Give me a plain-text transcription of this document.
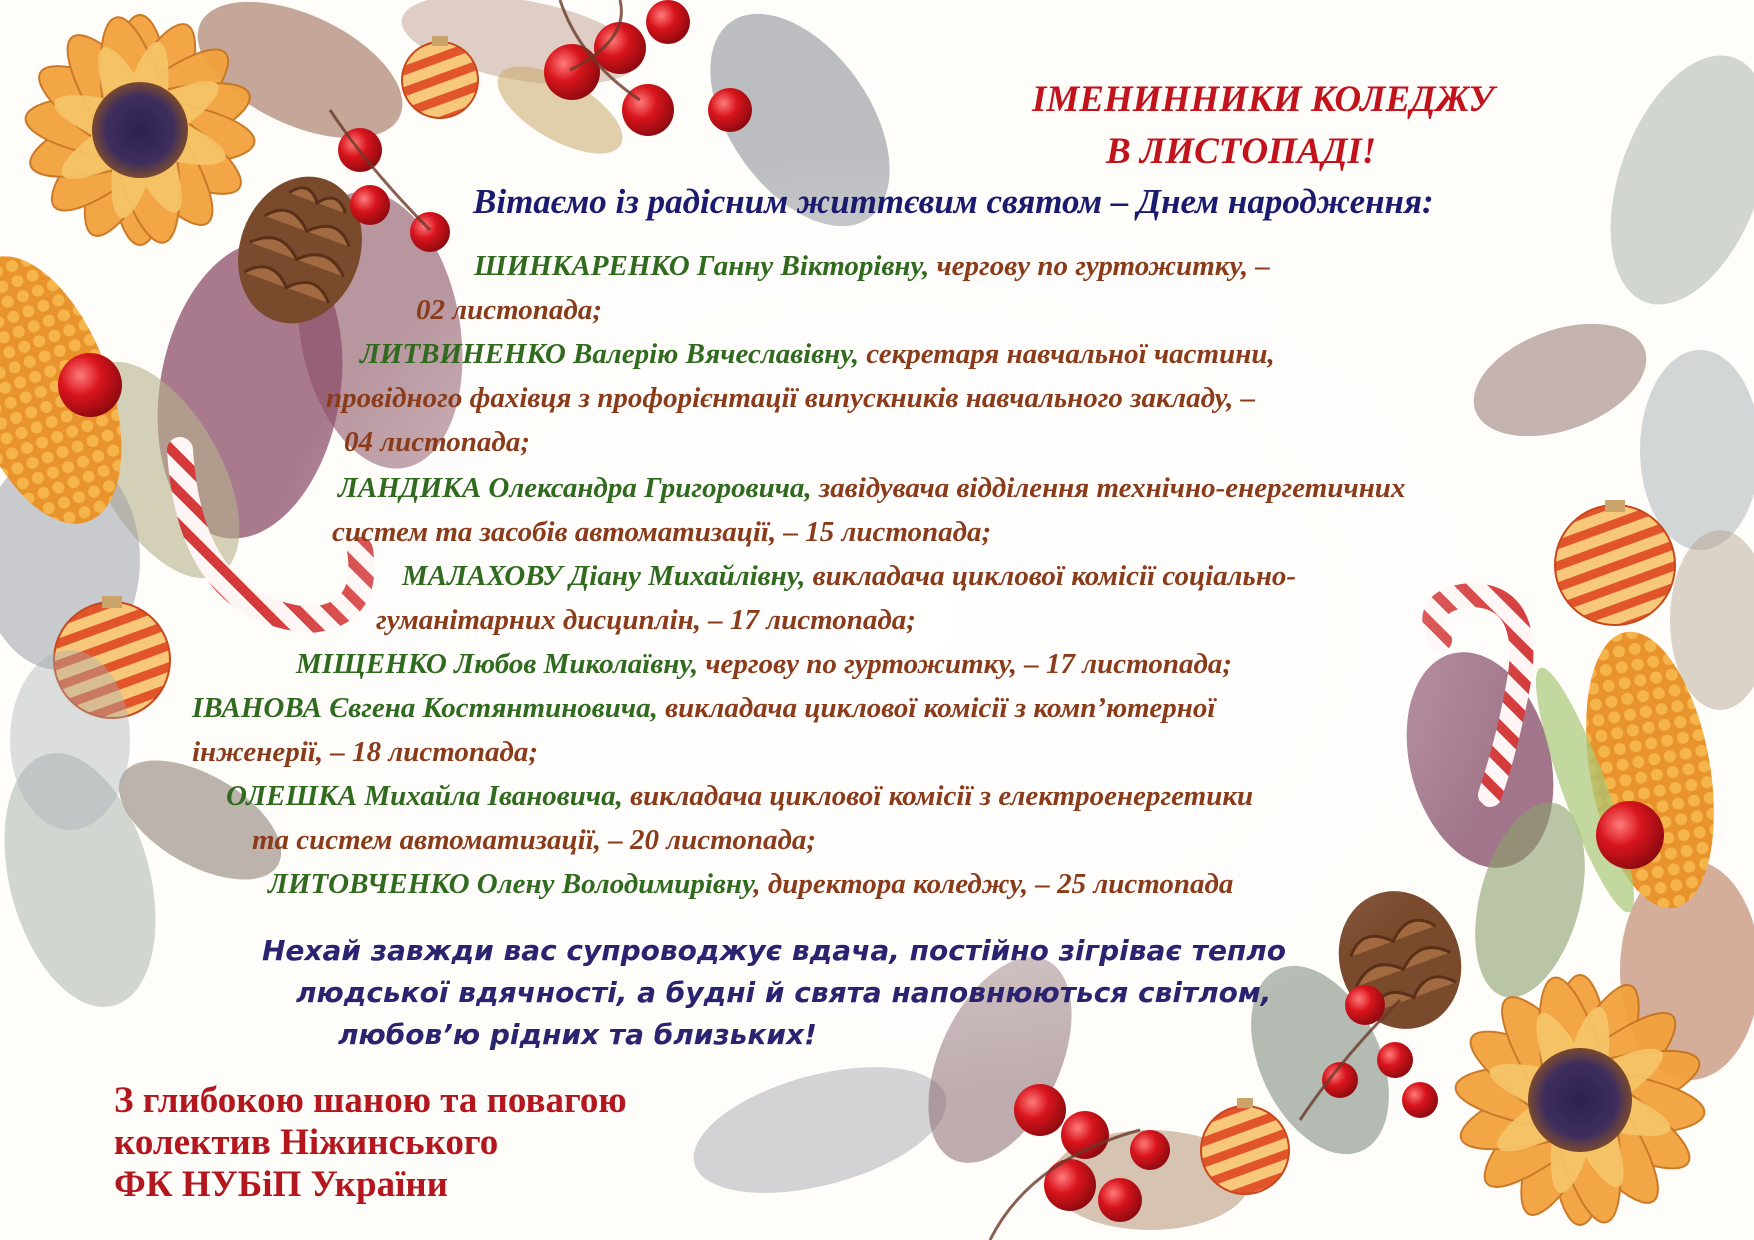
ІМЕНИННИКИ КОЛЕДЖУ
В ЛИСТОПАДІ!
Вітаємо із радісним життєвим святом – Днем народження:
ШИНКАРЕНКО Ганну Вікторівну, чергову по гуртожитку, –
02 листопада;
ЛИТВИНЕНКО Валерію Вячеславівну, секретаря навчальної частини,
провідного фахівця з профорієнтації випускників навчального закладу, –
04 листопада;
ЛАНДИКА Олександра Григоровича, завідувача відділення технічно-енергетичних
систем та засобів автоматизації, – 15 листопада;
МАЛАХОВУ Діану Михайлівну, викладача циклової комісії соціально-
гуманітарних дисциплін, – 17 листопада;
МІЩЕНКО Любов Миколаївну, чергову по гуртожитку, – 17 листопада;
ІВАНОВА Євгена Костянтиновича, викладача циклової комісії з комп’ютерної
інженерії, – 18 листопада;
ОЛЕШКА Михайла Івановича, викладача циклової комісії з електроенергетики
та систем автоматизації, – 20 листопада;
ЛИТОВЧЕНКО Олену Володимирівну, директора коледжу, – 25 листопада
Нехай завжди вас супроводжує вдача, постійно зігріває тепло
людської вдячності, а будні й свята наповнюються світлом,
любов’ю рідних та близьких!
З глибокою шаною та повагою
колектив Ніжинського
ФК НУБіП України
